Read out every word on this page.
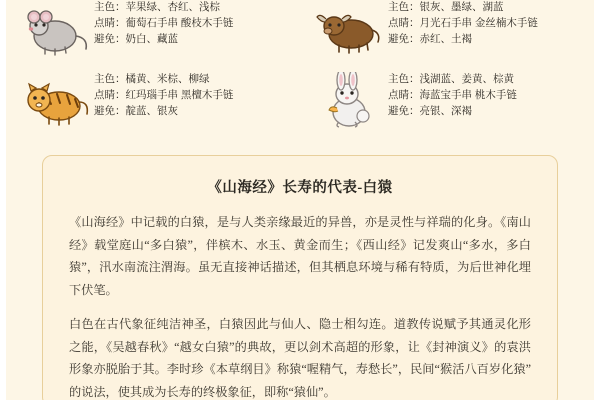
主色：苹果绿、杏红、浅棕
点睛：葡萄石手串 酸枝木手链
避免：奶白、藏蓝
主色：银灰、墨绿、湖蓝
点睛：月光石手串 金丝楠木手链
避免：赤红、土褐
主色：橘黄、米棕、柳绿
点睛：红玛瑙手串 黑檀木手链
避免：靛蓝、银灰
主色：浅湖蓝、姜黄、棕黄
点睛：海蓝宝手串 桃木手链
避免：亮银、深褐
《山海经》长寿的代表-白猿

《山海经》中记载的白猿，是与人类亲缘最近的异兽，亦是灵性与祥瑞的化身。《南山经》载堂庭山“多白猿”，伴槟木、水玉、黄金而生；《西山经》记发爽山“多水，多白猿”，汛水南流注渭海。虽无直接神话描述，但其栖息环境与稀有特质，为后世神化埋下伏笔。

白色在古代象征纯洁神圣，白猿因此与仙人、隐士相勾连。道教传说赋予其通灵化形之能，《吴越春秋》“越女白猿”的典故，更以剑术高超的形象，让《封神演义》的袁洪形象亦脱胎于其。李时珍《本草纲目》称猿“喔精气，寿愁长”，民间“猴活八百岁化猿”的说法，使其成为长寿的终极象征，即称“猿仙”。
